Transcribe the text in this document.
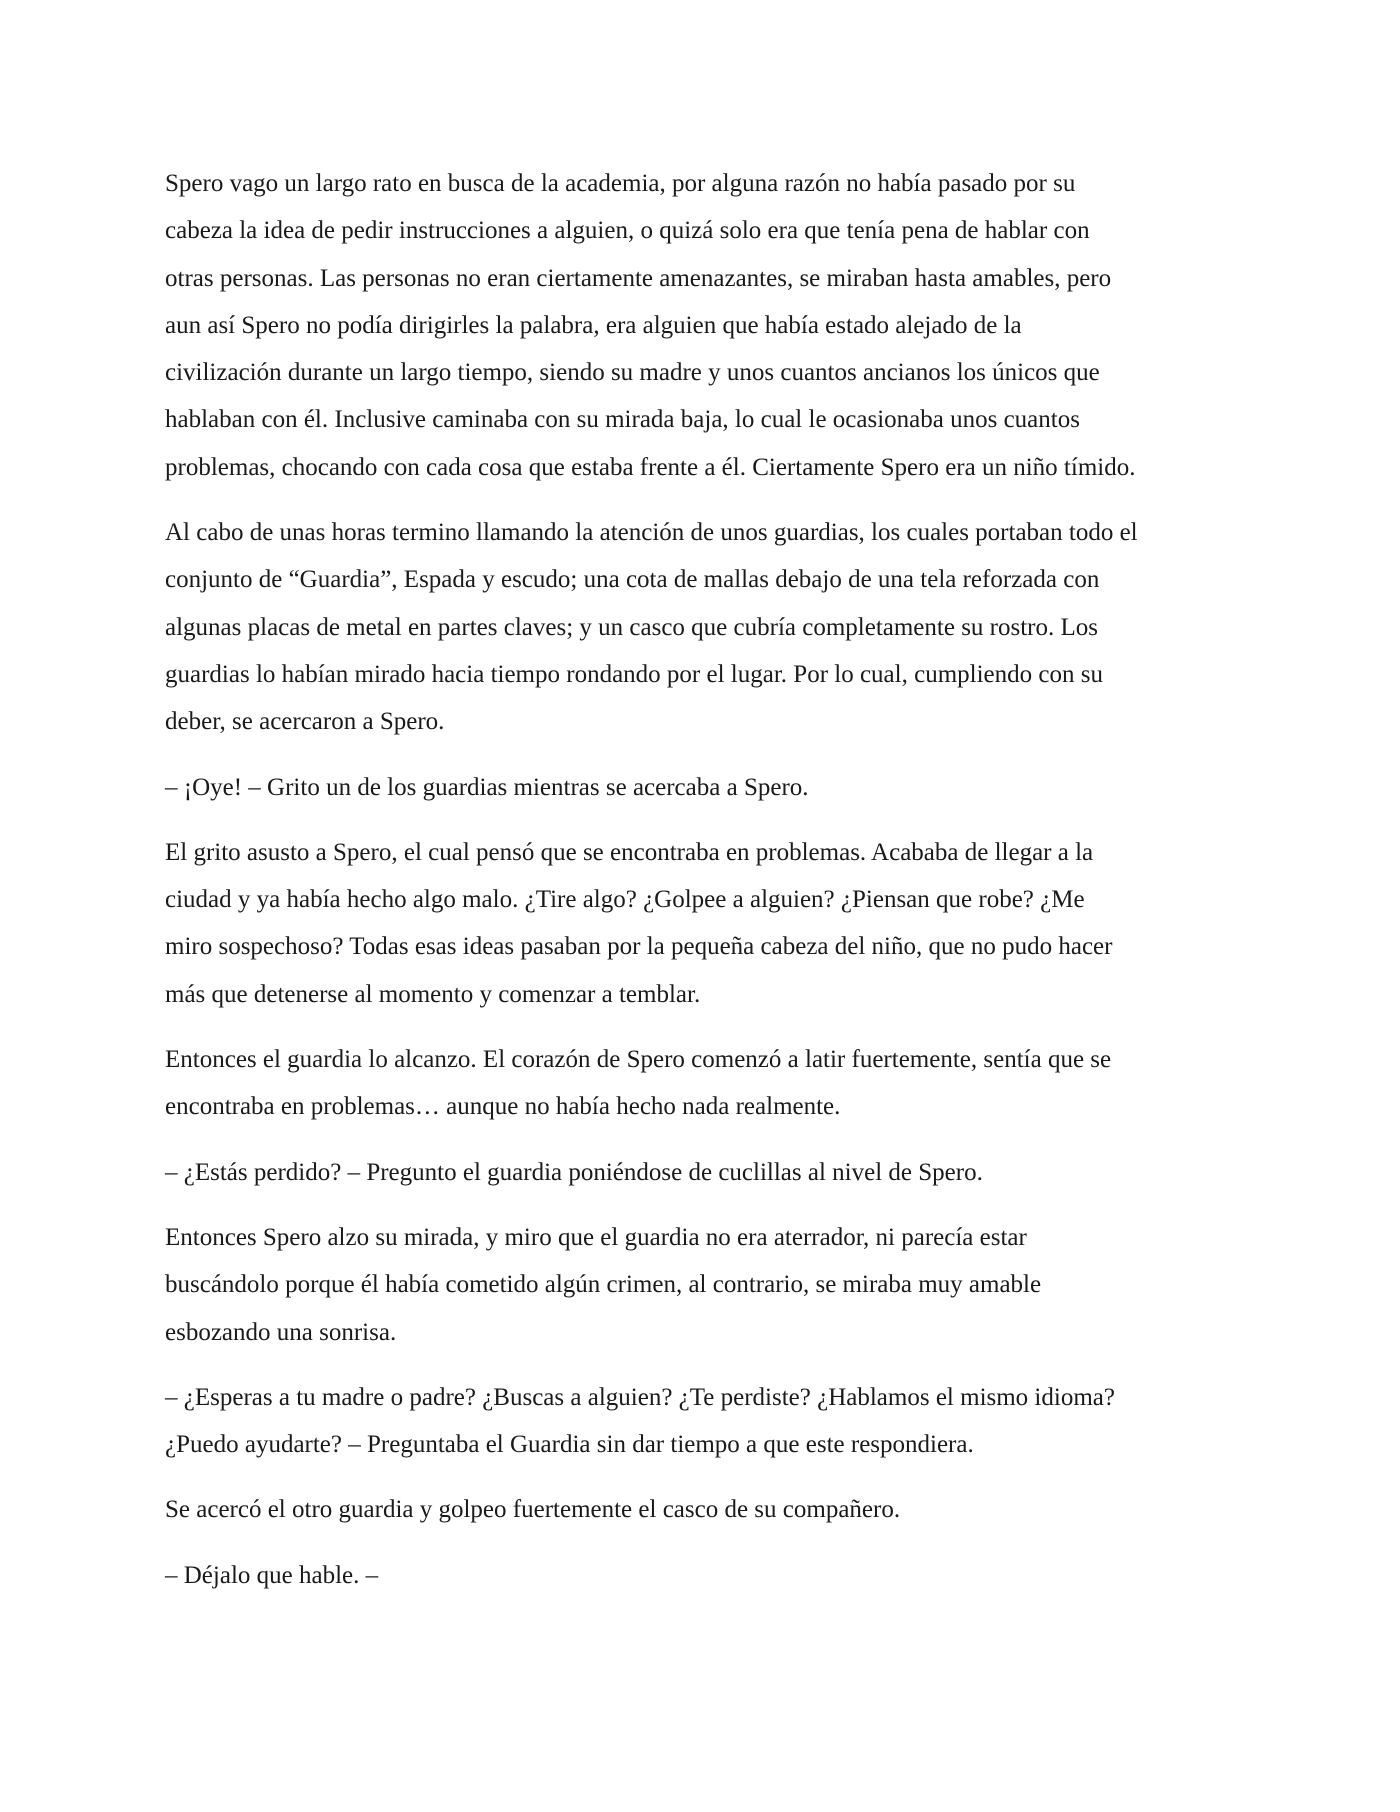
Spero vago un largo rato en busca de la academia, por alguna razón no había pasado por su
cabeza la idea de pedir instrucciones a alguien, o quizá solo era que tenía pena de hablar con
otras personas. Las personas no eran ciertamente amenazantes, se miraban hasta amables, pero
aun así Spero no podía dirigirles la palabra, era alguien que había estado alejado de la
civilización durante un largo tiempo, siendo su madre y unos cuantos ancianos los únicos que
hablaban con él. Inclusive caminaba con su mirada baja, lo cual le ocasionaba unos cuantos
problemas, chocando con cada cosa que estaba frente a él. Ciertamente Spero era un niño tímido.

Al cabo de unas horas termino llamando la atención de unos guardias, los cuales portaban todo el
conjunto de “Guardia”, Espada y escudo; una cota de mallas debajo de una tela reforzada con
algunas placas de metal en partes claves; y un casco que cubría completamente su rostro. Los
guardias lo habían mirado hacia tiempo rondando por el lugar. Por lo cual, cumpliendo con su
deber, se acercaron a Spero.

– ¡Oye! – Grito un de los guardias mientras se acercaba a Spero.

El grito asusto a Spero, el cual pensó que se encontraba en problemas. Acababa de llegar a la
ciudad y ya había hecho algo malo. ¿Tire algo? ¿Golpee a alguien? ¿Piensan que robe? ¿Me
miro sospechoso? Todas esas ideas pasaban por la pequeña cabeza del niño, que no pudo hacer
más que detenerse al momento y comenzar a temblar.

Entonces el guardia lo alcanzo. El corazón de Spero comenzó a latir fuertemente, sentía que se
encontraba en problemas… aunque no había hecho nada realmente.

– ¿Estás perdido? – Pregunto el guardia poniéndose de cuclillas al nivel de Spero.

Entonces Spero alzo su mirada, y miro que el guardia no era aterrador, ni parecía estar
buscándolo porque él había cometido algún crimen, al contrario, se miraba muy amable
esbozando una sonrisa.

– ¿Esperas a tu madre o padre? ¿Buscas a alguien? ¿Te perdiste? ¿Hablamos el mismo idioma?
¿Puedo ayudarte? – Preguntaba el Guardia sin dar tiempo a que este respondiera.

Se acercó el otro guardia y golpeo fuertemente el casco de su compañero.

– Déjalo que hable. –
